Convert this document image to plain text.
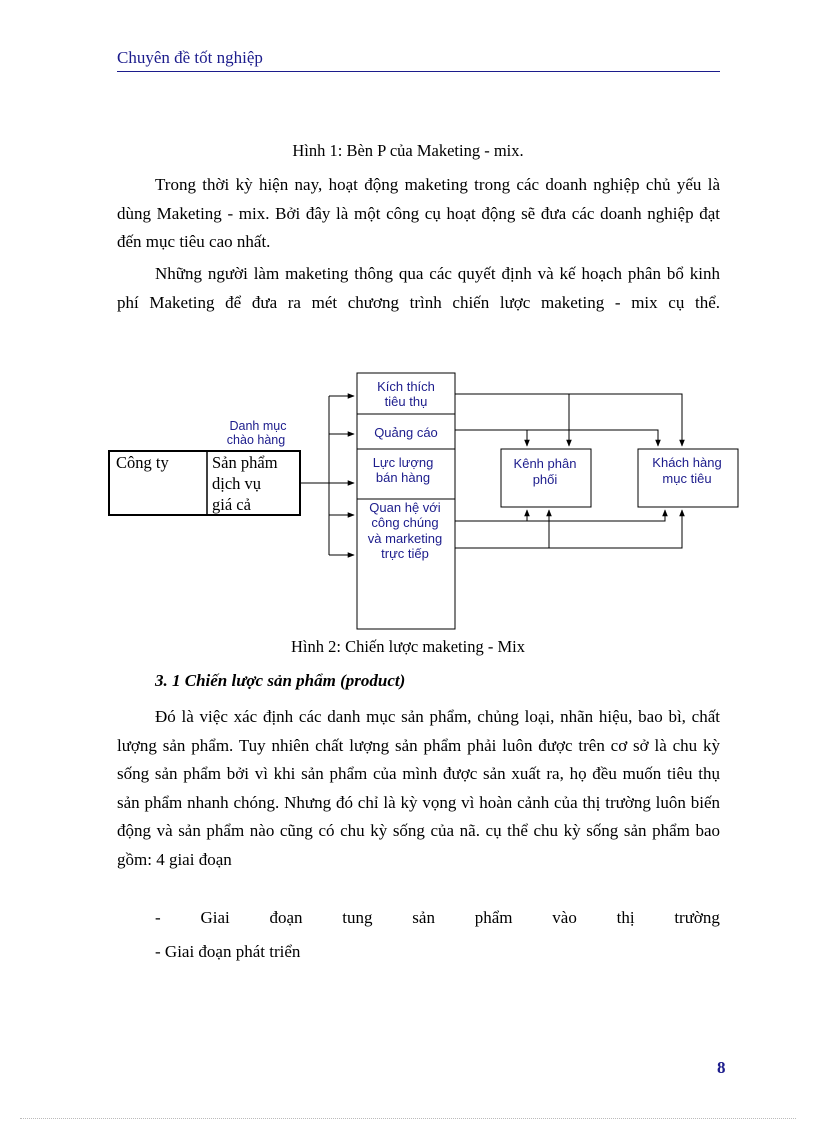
Chuyên đề tốt nghiệp
Hình 1: Bèn P của Maketing - mix.

Trong thời kỳ hiện nay, hoạt động maketing trong các doanh nghiệp chủ yếu là dùng Maketing - mix. Bởi đây là một công cụ hoạt động sẽ đưa các doanh nghiệp đạt đến mục tiêu cao nhất.

Những người làm maketing thông qua các quyết định và kế hoạch phân bổ kinh phí Maketing để đưa ra mét chương trình chiến lược maketing - mix cụ thể.

Danh mục
chào hàng
Công ty	Sản phẩm
dịch vụ
giá cả
Kích thích
tiêu thụ
Quảng cáo
Lực lượng
bán hàng
Quan hệ với
công chúng
và marketing
trực tiếp
Kênh phân
phối
Khách hàng
mục tiêu
Hình 2: Chiến lược maketing - Mix
3. 1 Chiến lược sản phẩm (product)

Đó là việc xác định các danh mục sản phẩm, chủng loại, nhãn hiệu, bao bì, chất lượng sản phẩm. Tuy nhiên chất lượng sản phẩm phải luôn được trên cơ sở là chu kỳ sống sản phẩm bởi vì khi sản phẩm của mình được sản xuất ra, họ đều muốn tiêu thụ sản phẩm nhanh chóng. Nhưng đó chỉ là kỳ vọng vì hoàn cảnh của thị trường luôn biến động và sản phẩm nào cũng có chu kỳ sống của nã. cụ thể chu kỳ sống sản phẩm bao gồm: 4 giai đoạn

- Giai đoạn tung sản phẩm vào thị trường
- Giai đoạn phát triển
8
